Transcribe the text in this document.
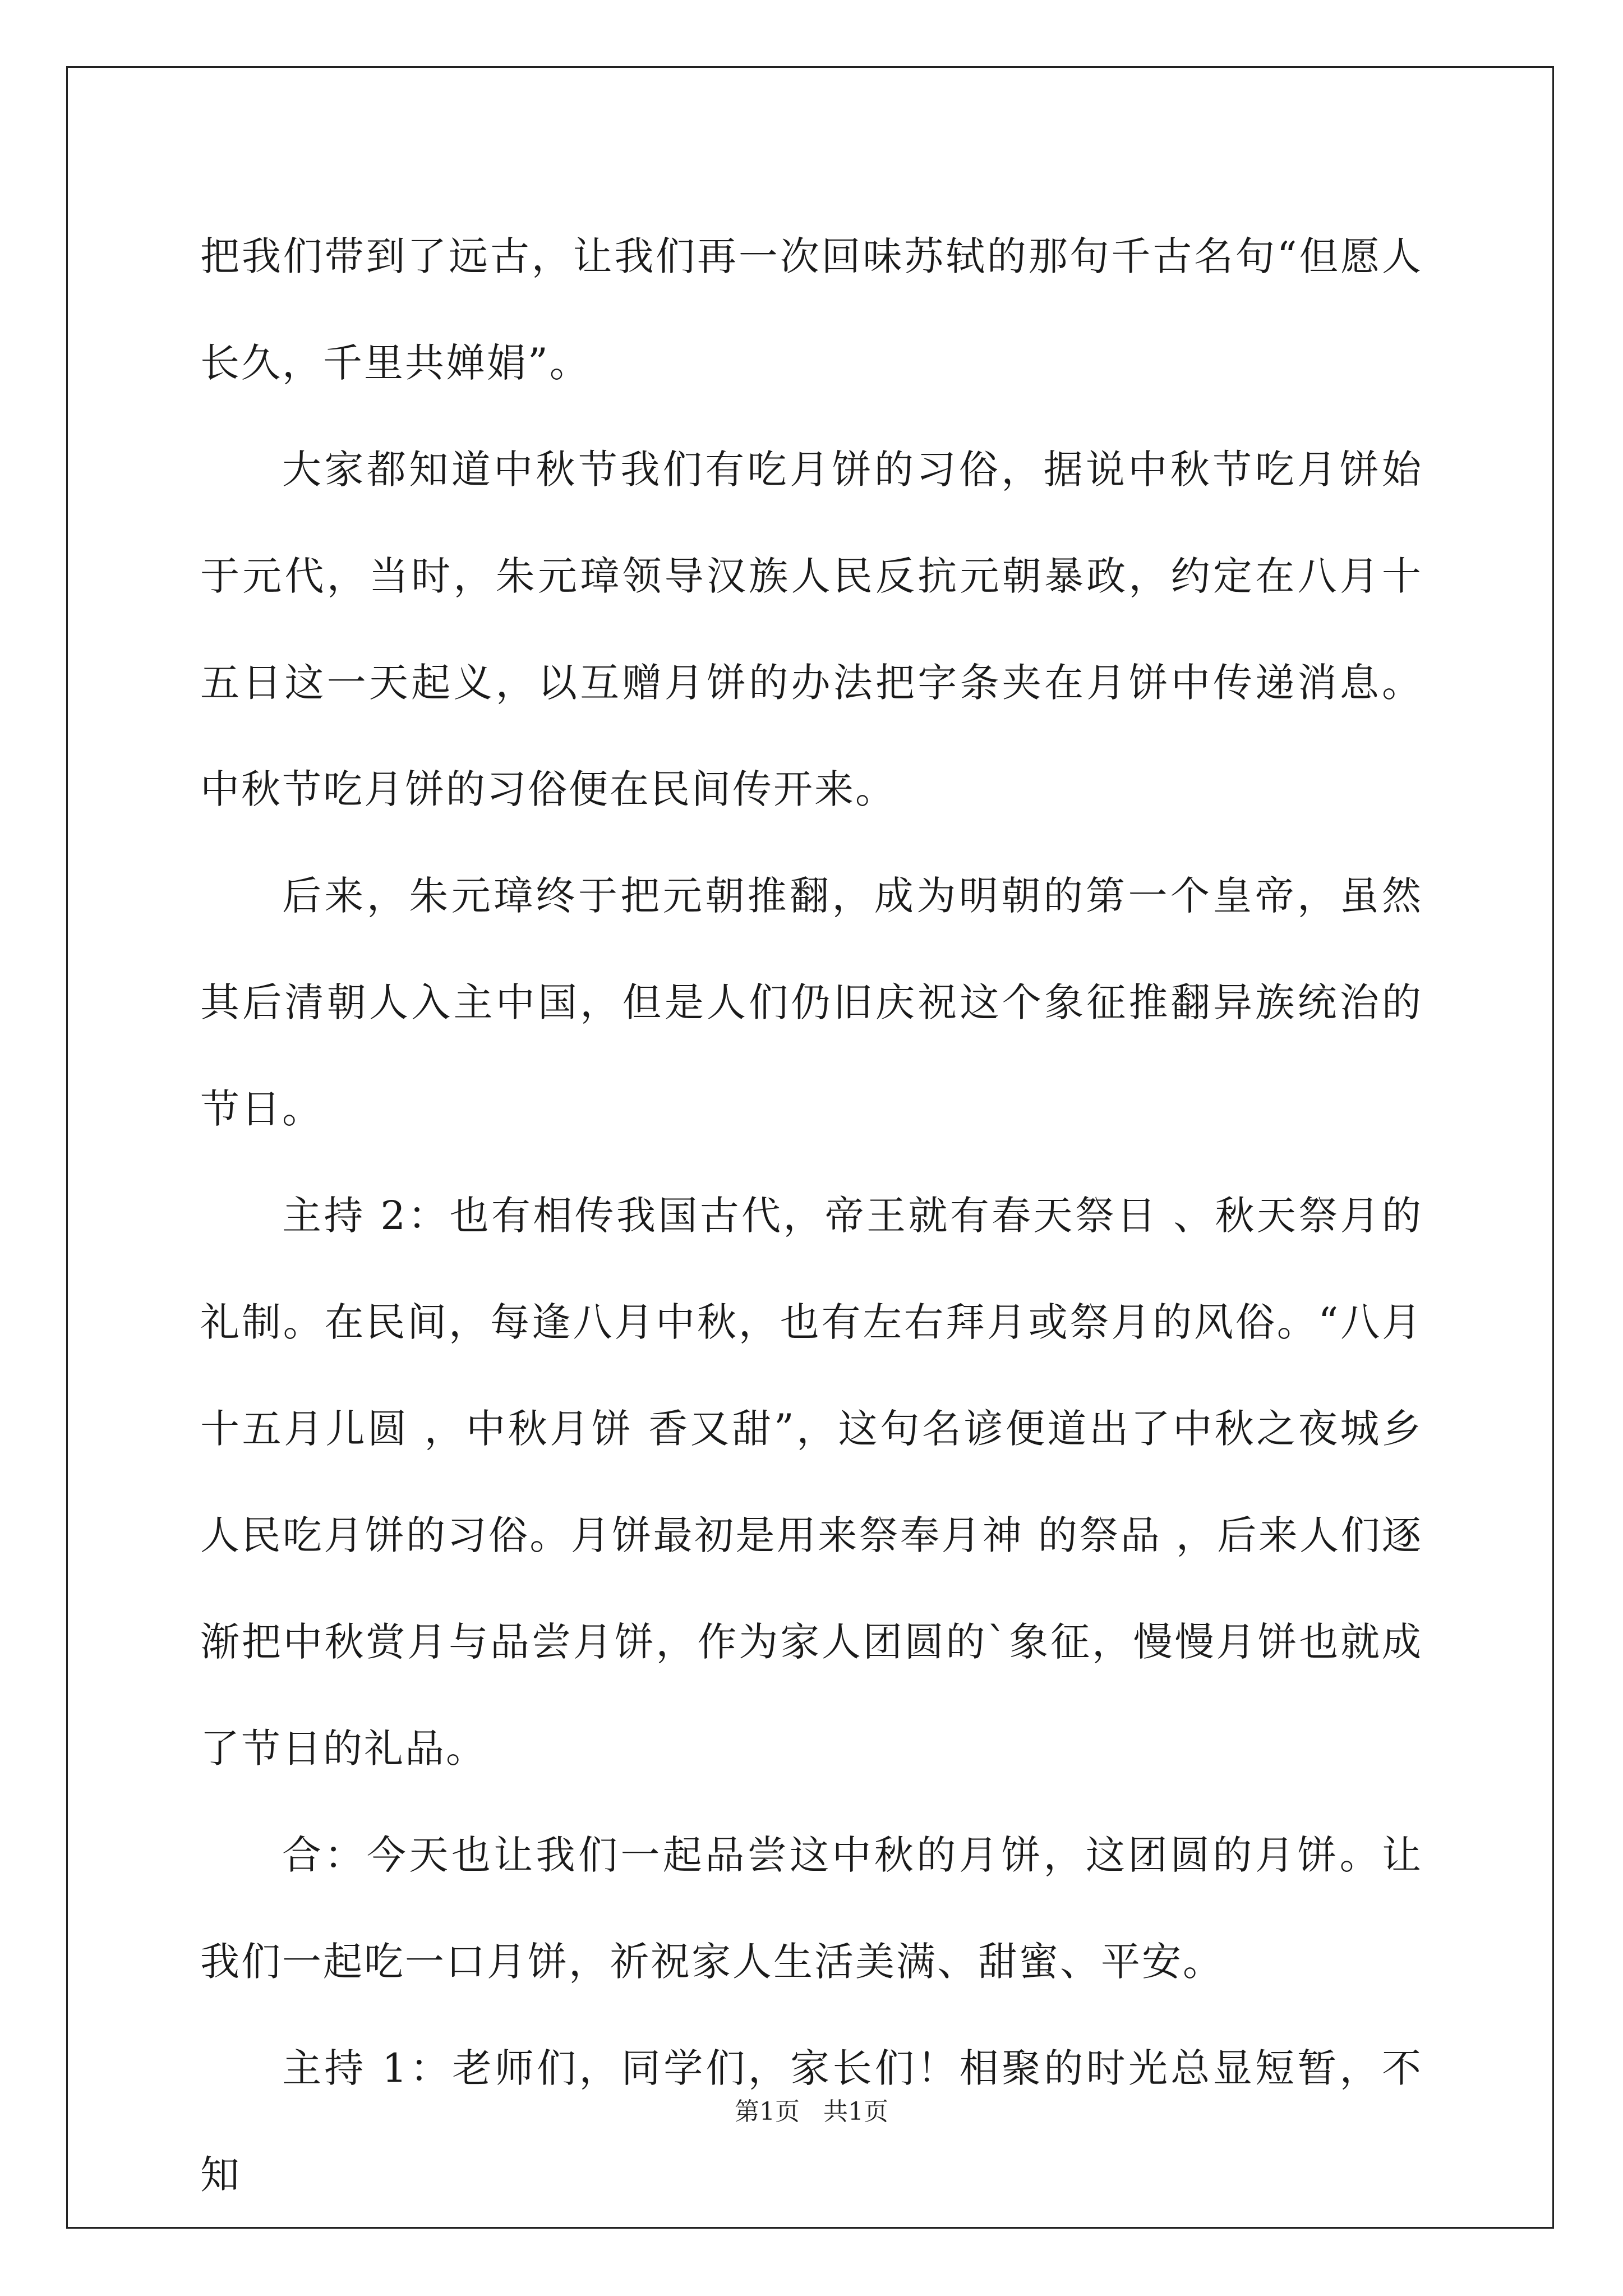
把我们带到了远古，让我们再一次回味苏轼的那句千古名句“但愿人长久，千里共婵娟”。

大家都知道中秋节我们有吃月饼的习俗，据说中秋节吃月饼始于元代，当时，朱元璋领导汉族人民反抗元朝暴政，约定在八月十五日这一天起义，以互赠月饼的办法把字条夹在月饼中传递消息。中秋节吃月饼的习俗便在民间传开来。

后来，朱元璋终于把元朝推翻，成为明朝的第一个皇帝，虽然其后清朝人入主中国，但是人们仍旧庆祝这个象征推翻异族统治的节日。

主持 2：也有相传我国古代，帝王就有春天祭日 、秋天祭月的礼制。在民间，每逢八月中秋，也有左右拜月或祭月的风俗。“八月十五月儿圆 ，中秋月饼 香又甜”，这句名谚便道出了中秋之夜城乡人民吃月饼的习俗。月饼最初是用来祭奉月神 的祭品 ，后来人们逐渐把中秋赏月与品尝月饼，作为家人团圆的`象征，慢慢月饼也就成了节日的礼品。

合：今天也让我们一起品尝这中秋的月饼，这团圆的月饼。让我们一起吃一口月饼，祈祝家人生活美满、甜蜜、平安。

主持 1：老师们，同学们，家长们！相聚的时光总显短暂，不知

第1页 共1页
